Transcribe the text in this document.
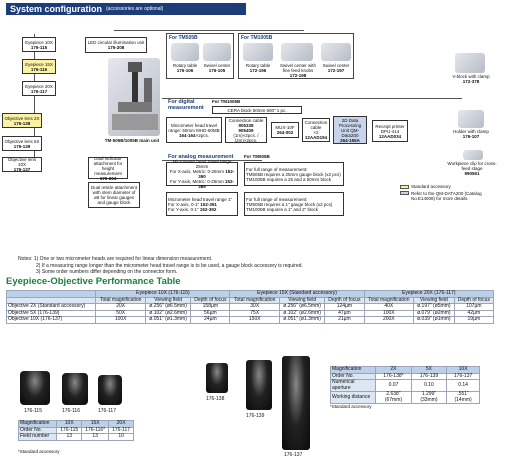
System configuration (accessories are optional)
Eyepiece 10X
176-115
Eyepiece 15X
176-116
Eyepiece 20X
176-117
Objective lens 2X
176-138
Objective lens 5X
176-139
Objective lens 10X
176-137
LED circular illumination unit
176-208
TM-505B/1005B main unit
Dual indicator attachment for height measurement
176-204
Dual reticle attachment with stem diameter of ø8 for linear gauges and gauge block
For TM505B
Rotary table
176-106
Swivel center
176-105
For TM1005B
Rotary table
172-196
Swivel center with fine feed knobs
172-198
Swivel center
172-197
V-block with clamp
172-378
Holder with clamp
176-107
Workpiece clip for cross-feed stage
990561
For digital measurement
For TM1005B
CERA block 50mm 500" 1 pc.
Micrometer head travel range: 50mm MHD-50MB
164-164×2pcs.
Connection cable
905338
905409
(1m)×2pcs. / (2m)×2pcs.
MUX-10F
264-002
Connection cable
×2
12AAD194
2D Data Processing Unit QM-Data200
264-155A
Receipt printer DPU-414
12AAD034
For analog measurement	For TM505B
Micrometer head travel range 25mm
For X-axis, Metric: 0-25mm 152-390
For Y-axis, Metric: 0-25mm 152-389
Micrometer head travel range 1"
For X-axis, 0-1" 152-391
For Y-axis, 0-1" 152-392
For full range of measurement:
TM505B requires a 25mm gauge block (x2 pcs)
TM1005B requires a 25 and a 50mm block
For full range of measurement:
TM505B requires a 1" gauge block (x2 pcs)
TM1005B requires a 1" and 2" block
Standard accessory
Refer to the QM-DATA200 (Catalog No.E14008) for more details.
Notes: 1) One or two micrometer heads are required for linear dimension measurement.
2) If a measuring range longer than the micrometer head travel range is to be used, a gauge block accessory is required.
3) Some order numbers differ depending on the connector form.
Eyepiece-Objective Performance Table
	Eyepiece 10X (176-115)			Eyepiece 15X (Standard accessory)			Eyepiece 20X (176-117)		
	Total magnification	Viewing field	Depth of focus	Total magnification	Viewing field	Depth of focus	Total magnification	Viewing field	Depth of focus
Objective 2X (Standard accessory)	20X	ø.256" (ø6.5mm)	158µm	30X	ø.256" (ø6.5mm)	124µm	40X	ø.197" (ø5mm)	107µm
Objective 5X (176-139)	50X	ø.102" (ø2.6mm)	56µm	75X	ø.102" (ø2.6mm)	47µm	100X	ø.079" (ø2mm)	42µm
Objective 10X (176-137)	100X	ø.051" (ø1.3mm)	24µm	150X	ø.051" (ø1.3mm)	21µm	200X	ø.039" (ø1mm)	19µm
176-115	176-116	176-117
Magnification	10X	15X	20X
Order No.	176-115	176-116*	176-117
Field number	13	13	10
*Standard accessory
176-138
176-139
176-137
Magnification	2X	5X	10X
Order No.	176-138*	176-139	176-137
Numerical aperture	0.07	0.10	0.14
Working distance	2.638" (67mm)	1.299" (33mm)	.551" (14mm)
*Standard accessory
